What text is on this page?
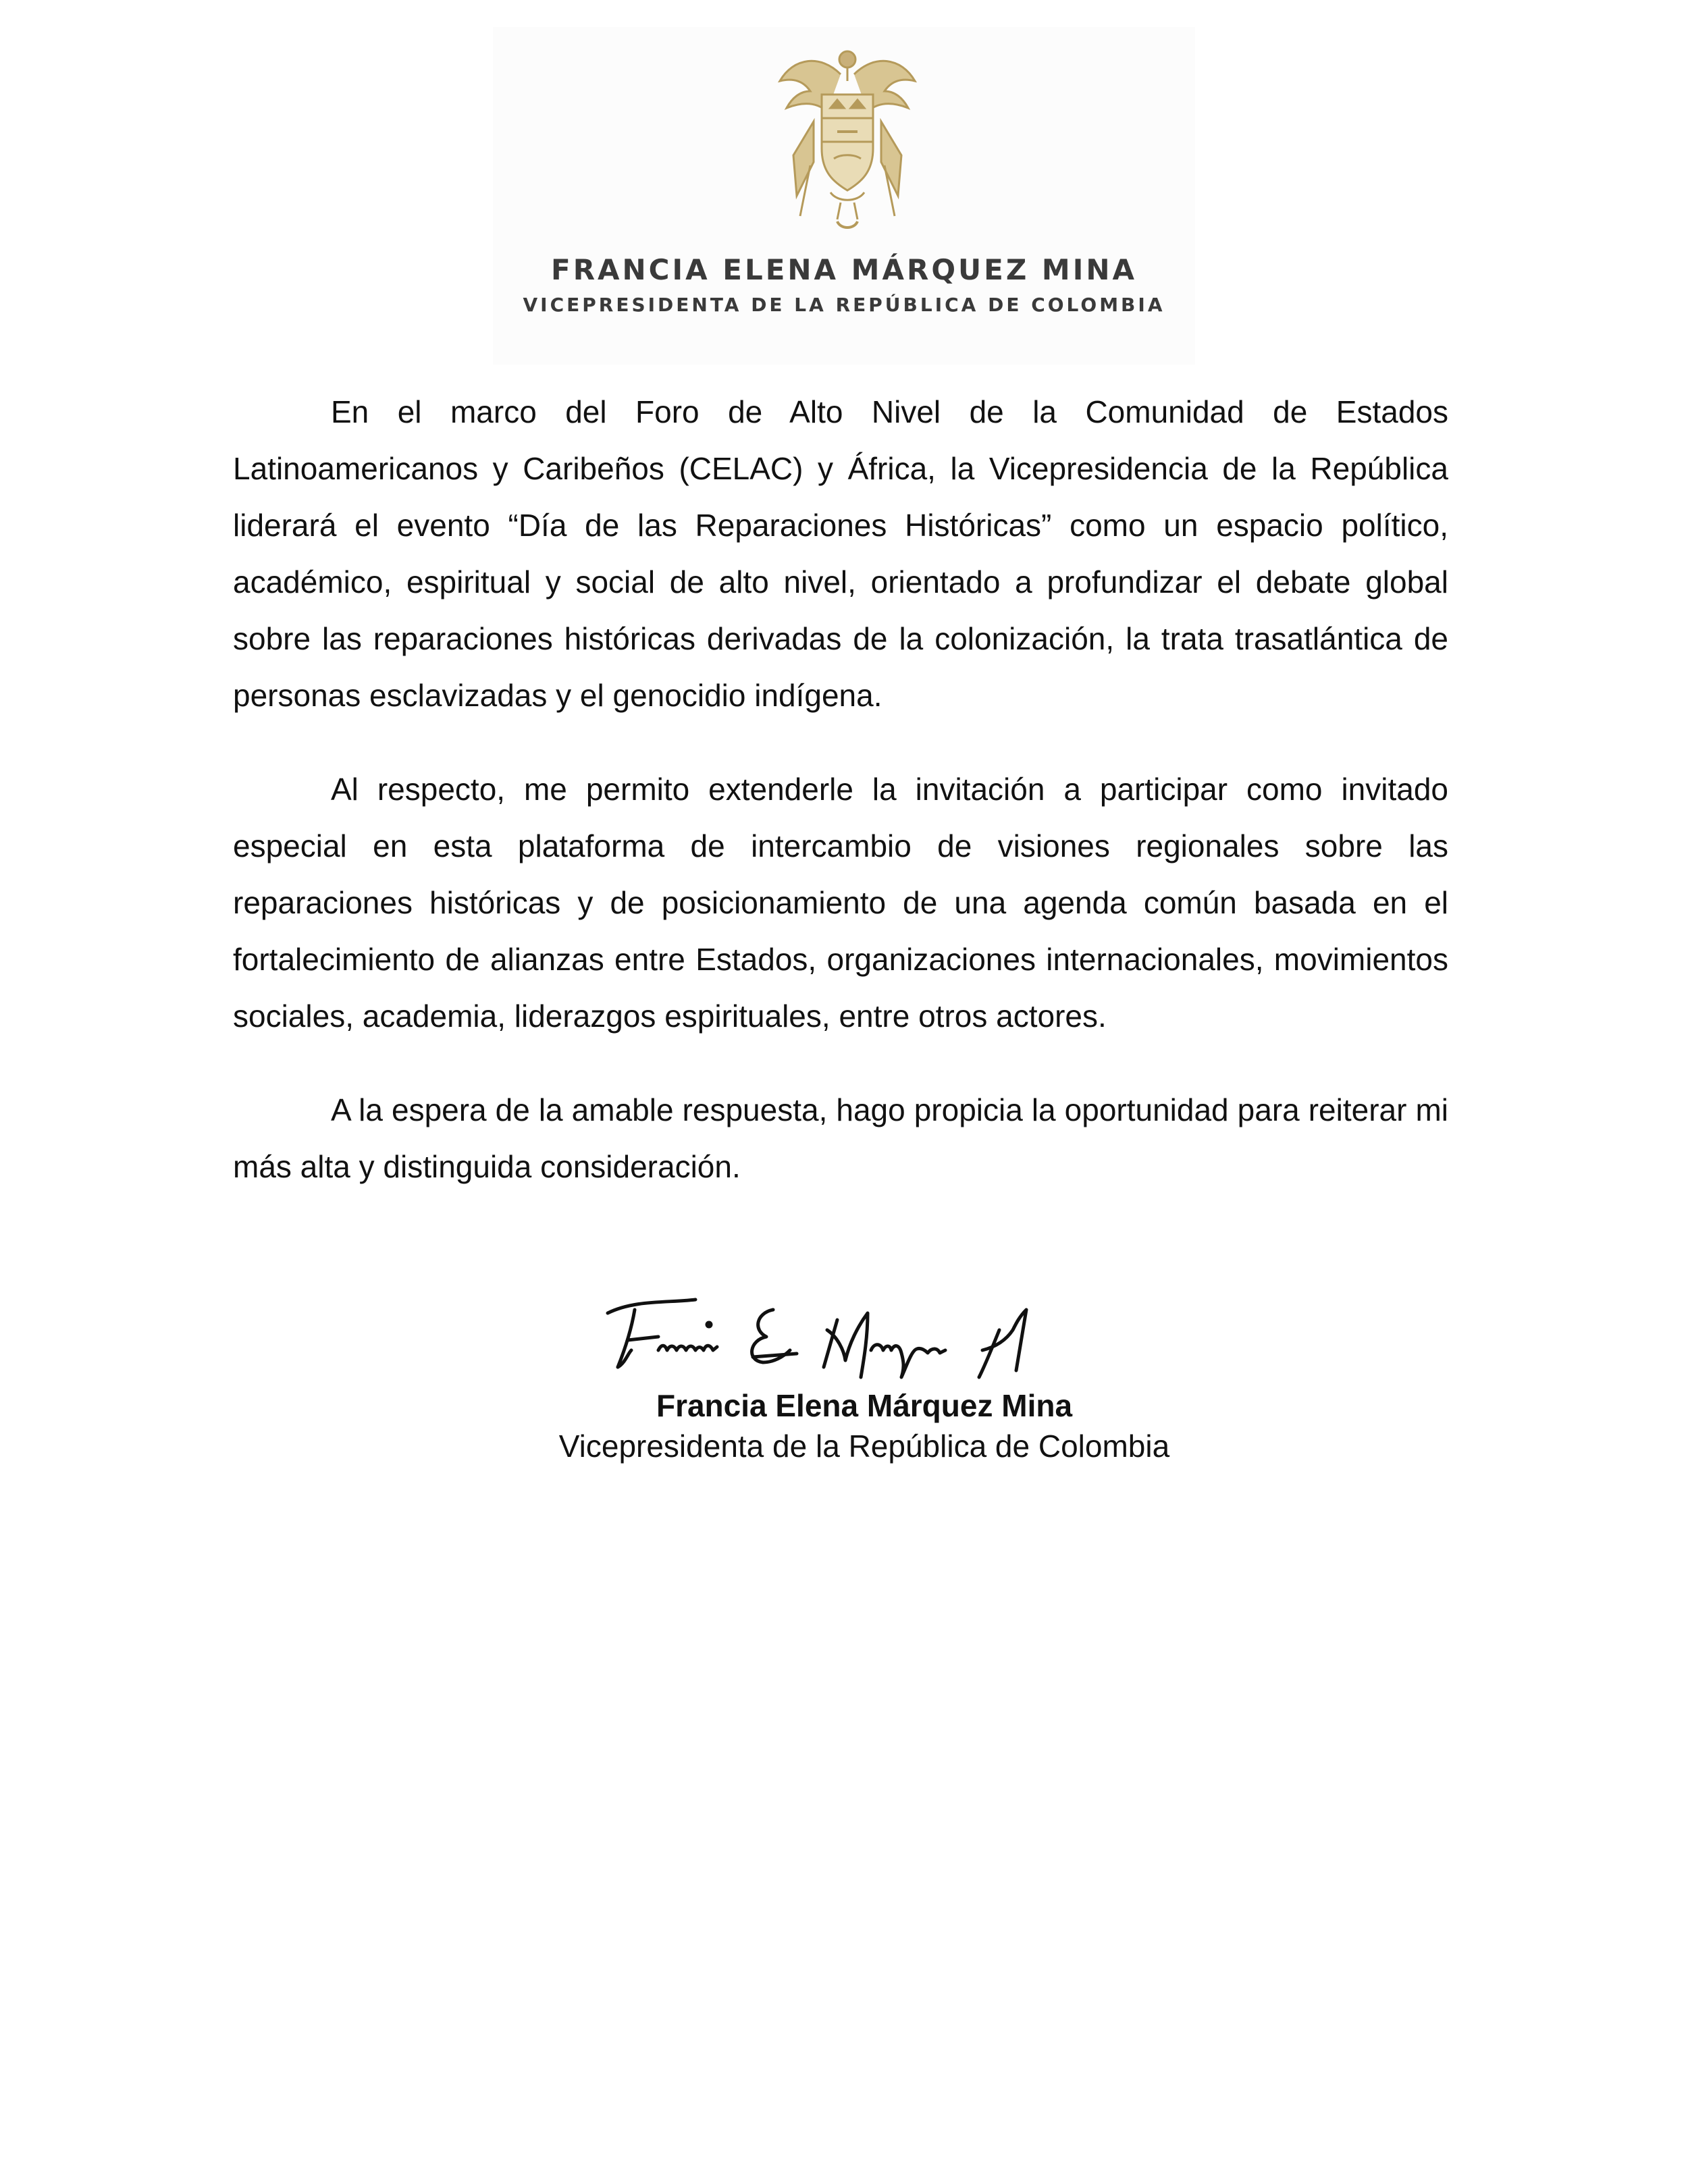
FRANCIA ELENA MÁRQUEZ MINA
VICEPRESIDENTA DE LA REPÚBLICA DE COLOMBIA

En el marco del Foro de Alto Nivel de la Comunidad de Estados Latinoamericanos y Caribeños (CELAC) y África, la Vicepresidencia de la República liderará el evento “Día de las Reparaciones Históricas” como un espacio político, académico, espiritual y social de alto nivel, orientado a profundizar el debate global sobre las reparaciones históricas derivadas de la colonización, la trata trasatlántica de personas esclavizadas y el genocidio indígena.

Al respecto, me permito extenderle la invitación a participar como invitado especial en esta plataforma de intercambio de visiones regionales sobre las reparaciones históricas y de posicionamiento de una agenda común basada en el fortalecimiento de alianzas entre Estados, organizaciones internacionales, movimientos sociales, academia, liderazgos espirituales, entre otros actores.

A la espera de la amable respuesta, hago propicia la oportunidad para reiterar mi más alta y distinguida consideración.

Francia Elena Márquez Mina
Vicepresidenta de la República de Colombia
